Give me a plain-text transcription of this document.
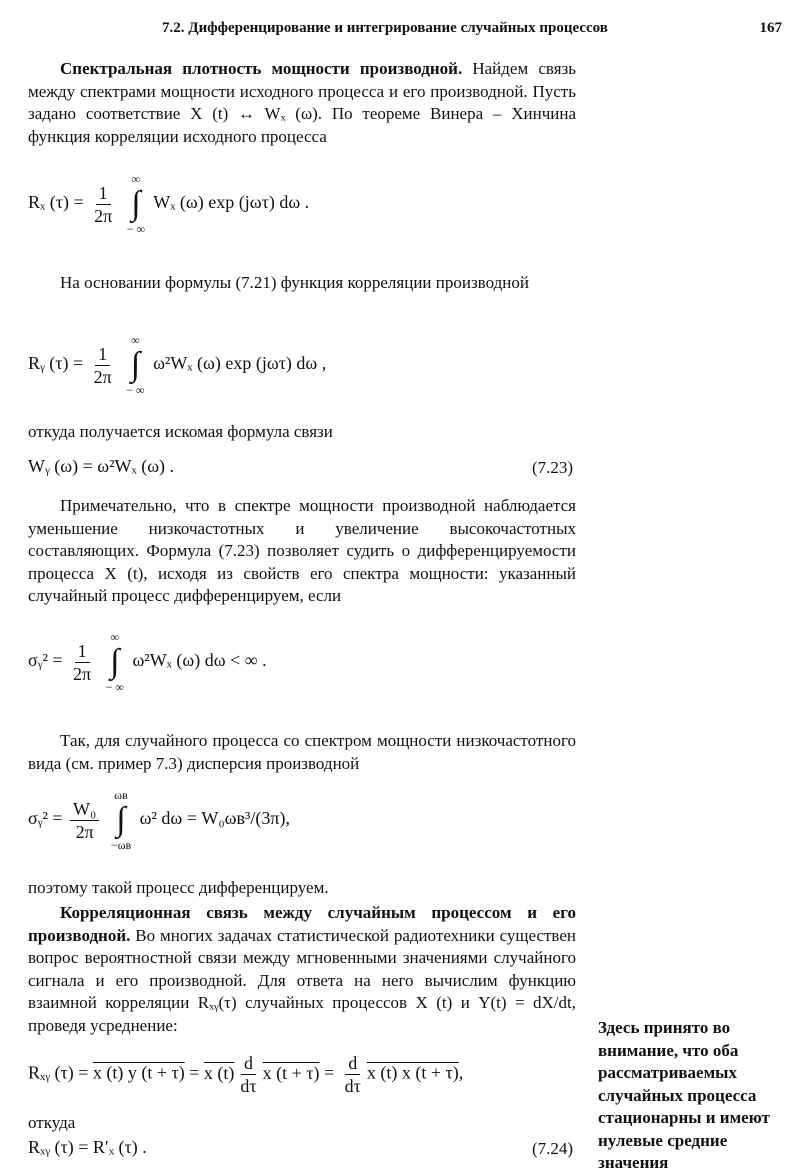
7.2. Дифференцирование и интегрирование случайных процессов	167

Спектральная плотность мощности производной. Найдем связь между спектрами мощности исходного процесса и его производной. Пусть задано соответствие X (t) ↔ Wₓ (ω). По теореме Винера – Хинчина функция корреляции исходного процесса

Rₓ $(\tau) = \frac{1}{2\pi}$

∞
∫
− ∞
Wₓ (ω) exp (jωτ) dω .

На основании формулы (7.21) функция корреляции производной

Rᵧ $(\tau) = \frac{1}{2\pi}$

∞
∫
− ∞
ω²Wₓ (ω) exp (jωτ) dω ,

откуда получается искомая формула связи

Wᵧ (ω) = ω²Wₓ (ω) .	(7.23)

Примечательно, что в спектре мощности производной наблюдается уменьшение низкочастотных и увеличение высокочастотных составляющих. Формула (7.23) позволяет судить о дифференцируемости процесса X (t), исходя из свойств его спектра мощности: указанный случайный процесс дифференцируем, если

σᵧ² = $\frac{1}{2\pi}$

∞
∫
− ∞
ω²Wₓ (ω) dω < ∞ .

Так, для случайного процесса со спектром мощности низкочастотного вида (см. пример 7.3) дисперсия производной

σᵧ² = $\frac{\text{W₀}}{2\pi}$

ωв
∫
−ωв
ω² dω = W₀ωв³/(3π),

поэтому такой процесс дифференцируем.

Корреляционная связь между случайным процессом и его производной. Во многих задачах статистической радиотехники существен вопрос вероятностной связи между мгновенными значениями случайного сигнала и его производной. Для ответа на него вычислим функцию взаимной корреляции Rₓᵧ(τ) случайных процессов X (t) и Y(t) = dX/dt, проведя усреднение:

Rₓᵧ (τ) = x (t) y (t + τ) = x $(t) \frac{d}{d\tau}$ x $(t + \tau) = \frac{d}{d\tau}$ x (t) x (t + τ),

откуда

Rₓᵧ (τ) = R′ₓ (τ) .	(7.24)
Здесь принято во внимание, что оба рассматриваемых случайных процесса стационарны и имеют нулевые средние значения
